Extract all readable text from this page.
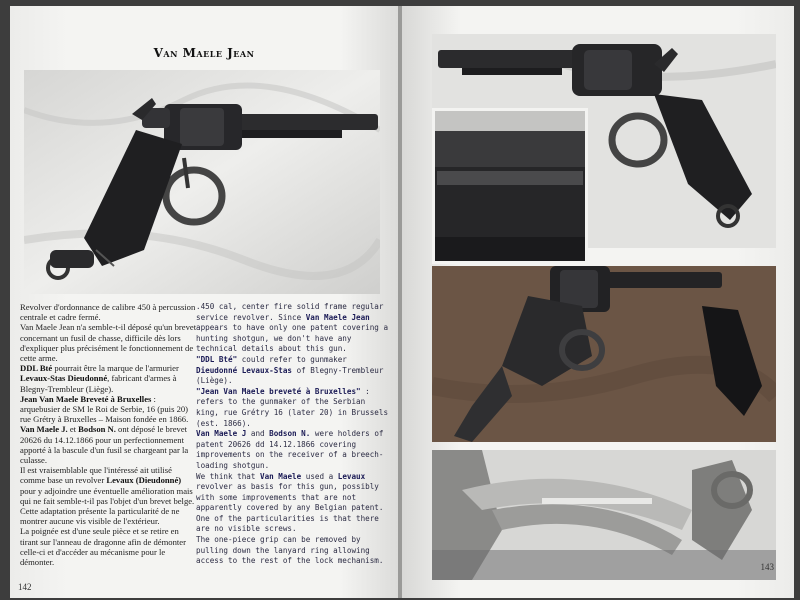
Van Maele Jean

Revolver d'ordonnance de calibre 450 à percussion centrale et cadre fermé.

Van Maele Jean n'a semble-t-il déposé qu'un brevet concernant un fusil de chasse, difficile dès lors d'expliquer plus précisément le fonctionnement de cette arme.

DDL Bté pourrait être la marque de l'armurier Levaux-Stas Dieudonné, fabricant d'armes à Blegny-Trembleur (Liège).

Jean Van Maele Breveté à Bruxelles : arquebusier de SM le Roi de Serbie, 16 (puis 20) rue Grétry à Bruxelles – Maison fondée en 1866.

Van Maele J. et Bodson N. ont déposé le brevet 20626 du 14.12.1866 pour un perfectionnement apporté à la bascule d'un fusil se chargeant par la culasse.

Il est vraisemblable que l'intéressé ait utilisé comme base un revolver Levaux (Dieudonné) pour y adjoindre une éventuelle amélioration mais qui ne fait semble-t-il pas l'objet d'un brevet belge.

Cette adaptation présente la particularité de ne montrer aucune vis visible de l'extérieur.

La poignée est d'une seule pièce et se retire en tirant sur l'anneau de dragonne afin de démonter celle-ci et d'accéder au mécanisme pour le démonter.

.450 cal, center fire solid frame regular service revolver. Since Van Maele Jean appears to have only one patent covering a hunting shotgun, we don't have any technical details about this gun.

"DDL Bté" could refer to gunmaker Dieudonné Levaux-Stas of Blegny-Trembleur (Liège).

"Jean Van Maele breveté à Bruxelles" : refers to the gunmaker of the Serbian king, rue Grétry 16 (later 20) in Brussels (est. 1866).

Van Maele J and Bodson N. were holders of patent 20626 dd 14.12.1866 covering improvements on the receiver of a breech-loading shotgun.

We think that Van Maele used a Levaux revolver as basis for this gun, possibly with some improvements that are not apparently covered by any Belgian patent.

One of the particularities is that there are no visible screws.

The one-piece grip can be removed by pulling down the lanyard ring allowing access to the rest of the lock mechanism.

142
143
